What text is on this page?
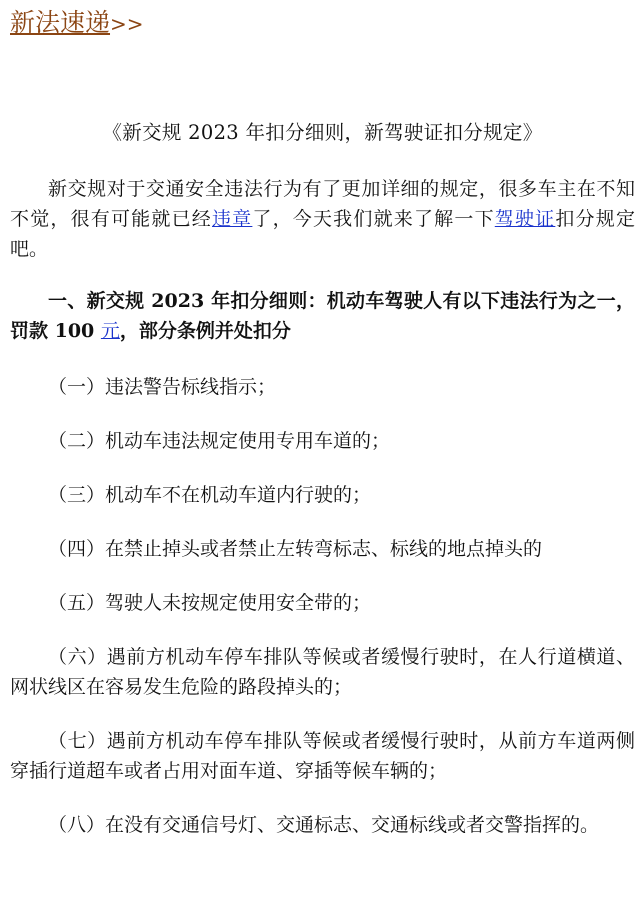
新法速递>>

《新交规 2023 年扣分细则，新驾驶证扣分规定》

新交规对于交通安全违法行为有了更加详细的规定，很多车主在不知不觉，很有可能就已经违章了，今天我们就来了解一下驾驶证扣分规定吧。

一、新交规 2023 年扣分细则：机动车驾驶人有以下违法行为之一，罚款 100 元，部分条例并处扣分

（一）违法警告标线指示；

（二）机动车违法规定使用专用车道的；

（三）机动车不在机动车道内行驶的；

（四）在禁止掉头或者禁止左转弯标志、标线的地点掉头的

（五）驾驶人未按规定使用安全带的；

（六）遇前方机动车停车排队等候或者缓慢行驶时，在人行道横道、网状线区在容易发生危险的路段掉头的；

（七）遇前方机动车停车排队等候或者缓慢行驶时，从前方车道两侧穿插行道超车或者占用对面车道、穿插等候车辆的；

（八）在没有交通信号灯、交通标志、交通标线或者交警指挥的。
